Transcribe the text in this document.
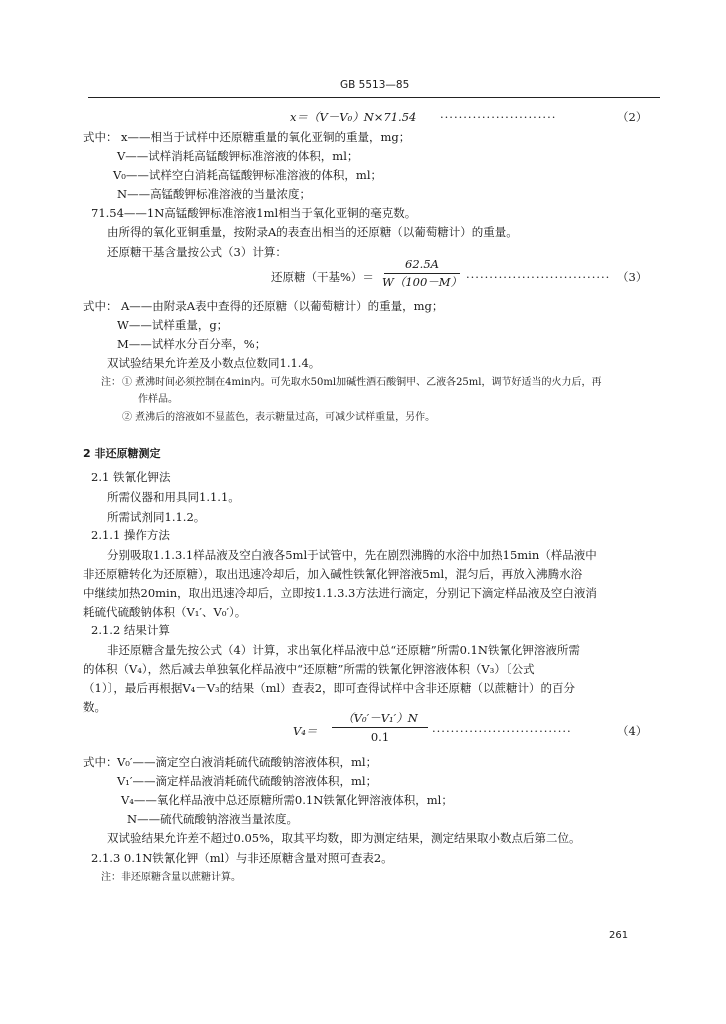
GB 5513—85
x＝（V－V₀）N×71.54 ·························	（2）
式中： x——相当于试样中还原糖重量的氧化亚铜的重量，mg；
V——试样消耗高锰酸钾标准溶液的体积，ml；
V₀——试样空白消耗高锰酸钾标准溶液的体积，ml；
N——高锰酸钾标准溶液的当量浓度；
71.54——1N高锰酸钾标准溶液1ml相当于氧化亚铜的毫克数。
由所得的氧化亚铜重量，按附录A的表查出相当的还原糖（以葡萄糖计）的重量。
还原糖干基含量按公式（3）计算：
还原糖（干基%）＝
62.5A
W（100－M） ······························· （3）
式中： A——由附录A表中查得的还原糖（以葡萄糖计）的重量，mg；
W——试样重量，g；
M——试样水分百分率，%；
双试验结果允许差及小数点位数同1.1.4。
注： ① 煮沸时间必须控制在4min内。可先取水50ml加碱性酒石酸铜甲、乙液各25ml，调节好适当的火力后，再
作样品。
② 煮沸后的溶液如不显蓝色，表示糖量过高，可减少试样重量，另作。
2 非还原糖测定
2.1 铁氰化钾法
所需仪器和用具同1.1.1。
所需试剂同1.1.2。
2.1.1 操作方法
分别吸取1.1.3.1样品液及空白液各5ml于试管中，先在剧烈沸腾的水浴中加热15min（样品液中
非还原糖转化为还原糖），取出迅速冷却后，加入碱性铁氰化钾溶液5ml，混匀后，再放入沸腾水浴
中继续加热20min，取出迅速冷却后，立即按1.1.3.3方法进行滴定，分别记下滴定样品液及空白液消
耗硫代硫酸钠体积（V₁′、V₀′）。
2.1.2 结果计算
非还原糖含量先按公式（4）计算，求出氧化样品液中总“还原糖”所需0.1N铁氰化钾溶液所需
的体积（V₄），然后减去单独氧化样品液中“还原糖”所需的铁氰化钾溶液体积（V₃）〔公式
（1）〕，最后再根据V₄－V₃的结果（ml）查表2，即可查得试样中含非还原糖（以蔗糖计）的百分
数。
V₄＝
（V₀′－V₁′）N
0.1	······························	（4）
式中： V₀′——滴定空白液消耗硫代硫酸钠溶液体积，ml；
V₁′——滴定样品液消耗硫代硫酸钠溶液体积，ml；
V₄——氧化样品液中总还原糖所需0.1N铁氰化钾溶液体积，ml；
N——硫代硫酸钠溶液当量浓度。
双试验结果允许差不超过0.05%，取其平均数，即为测定结果，测定结果取小数点后第二位。
2.1.3 0.1N铁氰化钾（ml）与非还原糖含量对照可查表2。
注：非还原糖含量以蔗糖计算。
261
